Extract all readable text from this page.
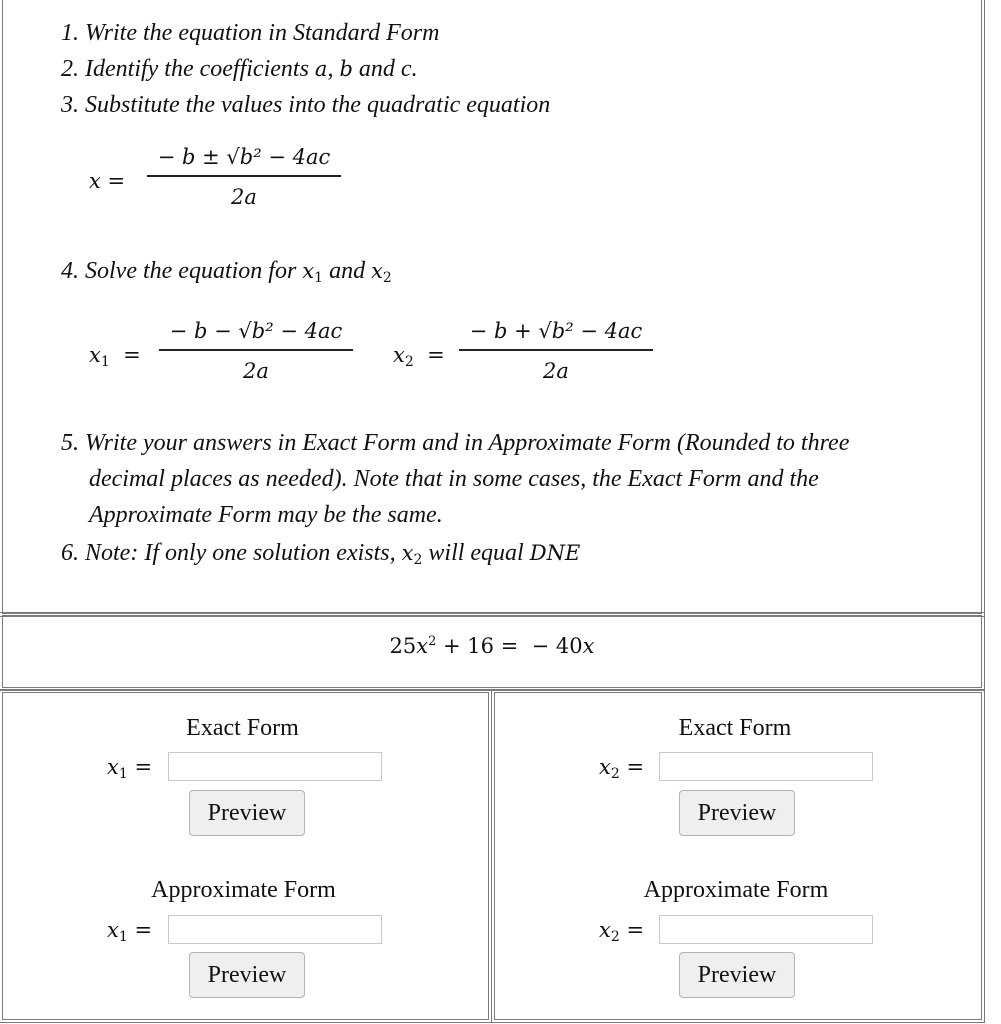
1. Write the equation in Standard Form
2. Identify the coefficients a, b and c.
3. Substitute the values into the quadratic equation
x =
− b ± √b² − 4ac
2a
4. Solve the equation for $x_1$ and $x_2$
$x_1$ =
− b − √b² − 4ac
2a
$x_2$ =
− b + √b² − 4ac
2a
5. Write your answers in Exact Form and in Approximate Form (Rounded to three
decimal places as needed). Note that in some cases, the Exact Form and the
Approximate Form may be the same.
6. Note: If only one solution exists, $x_2$ will equal DNE
$25x^2 + 16$ = − 40x
Exact Form
$x_1$ =
Preview
Approximate Form
$x_1$ =
Preview
Exact Form
$x_2$ =
Preview
Approximate Form
$x_2$ =
Preview
